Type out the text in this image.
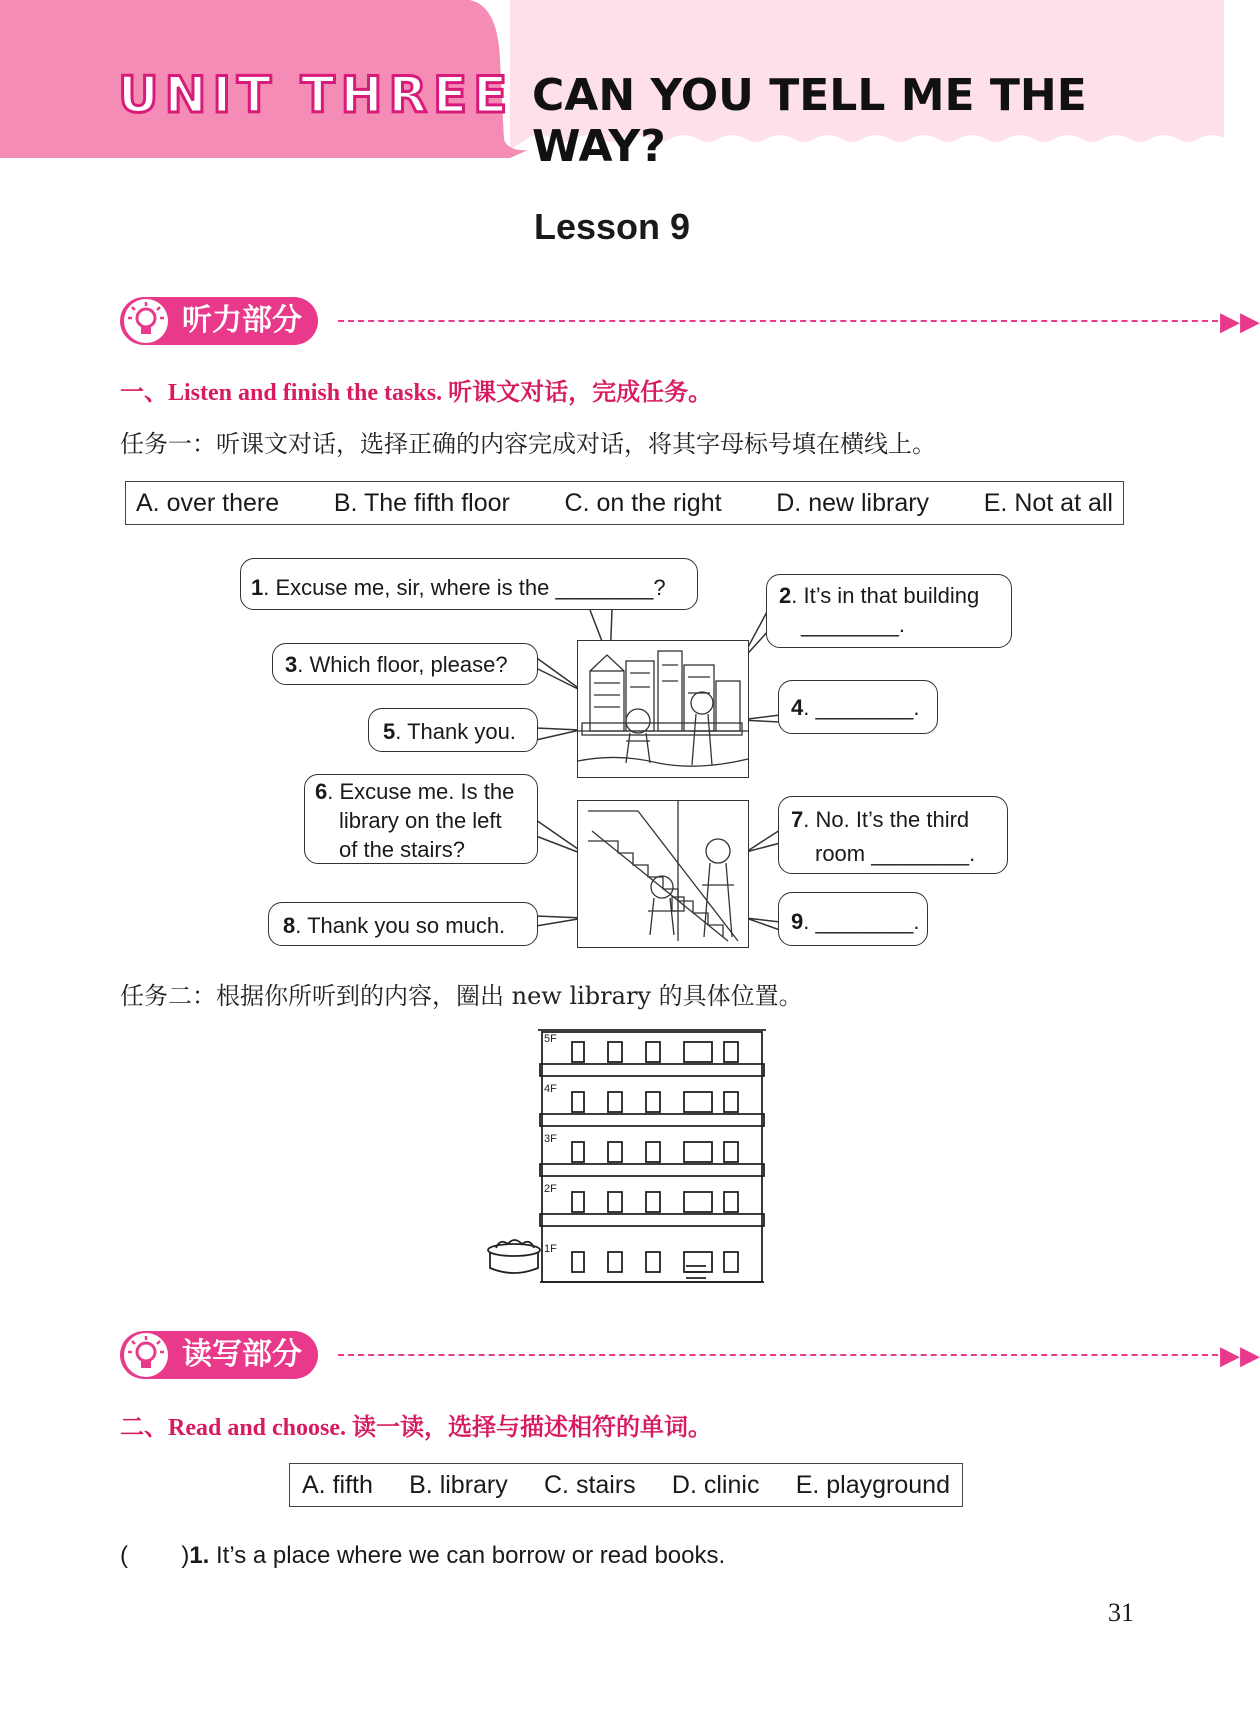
UNIT THREE CAN YOU TELL ME THE WAY?
Lesson 9
听力部分	▶▶
一、Listen and finish the tasks. 听课文对话，完成任务。
任务一：听课文对话，选择正确的内容完成对话，将其字母标号填在横线上。
A. over there B. The fifth floor C. on the right D. new library E. Not at all
1. Excuse me, sir, where is the ________?	2. It’s in that building
________.
3. Which floor, please?
4. ________.
5. Thank you.
6. Excuse me. Is the
library on the left
of the stairs?
7. No. It’s the third
room ________.
8. Thank you so much.	9. ________.
任务二：根据你所听到的内容，圈出 new library 的具体位置。
5F
4F
3F
2F
1F
读写部分	▶▶
二、Read and choose. 读一读，选择与描述相符的单词。
A. fifth B. library C. stairs D. clinic E. playground
(        )1. It’s a place where we can borrow or read books.
31
